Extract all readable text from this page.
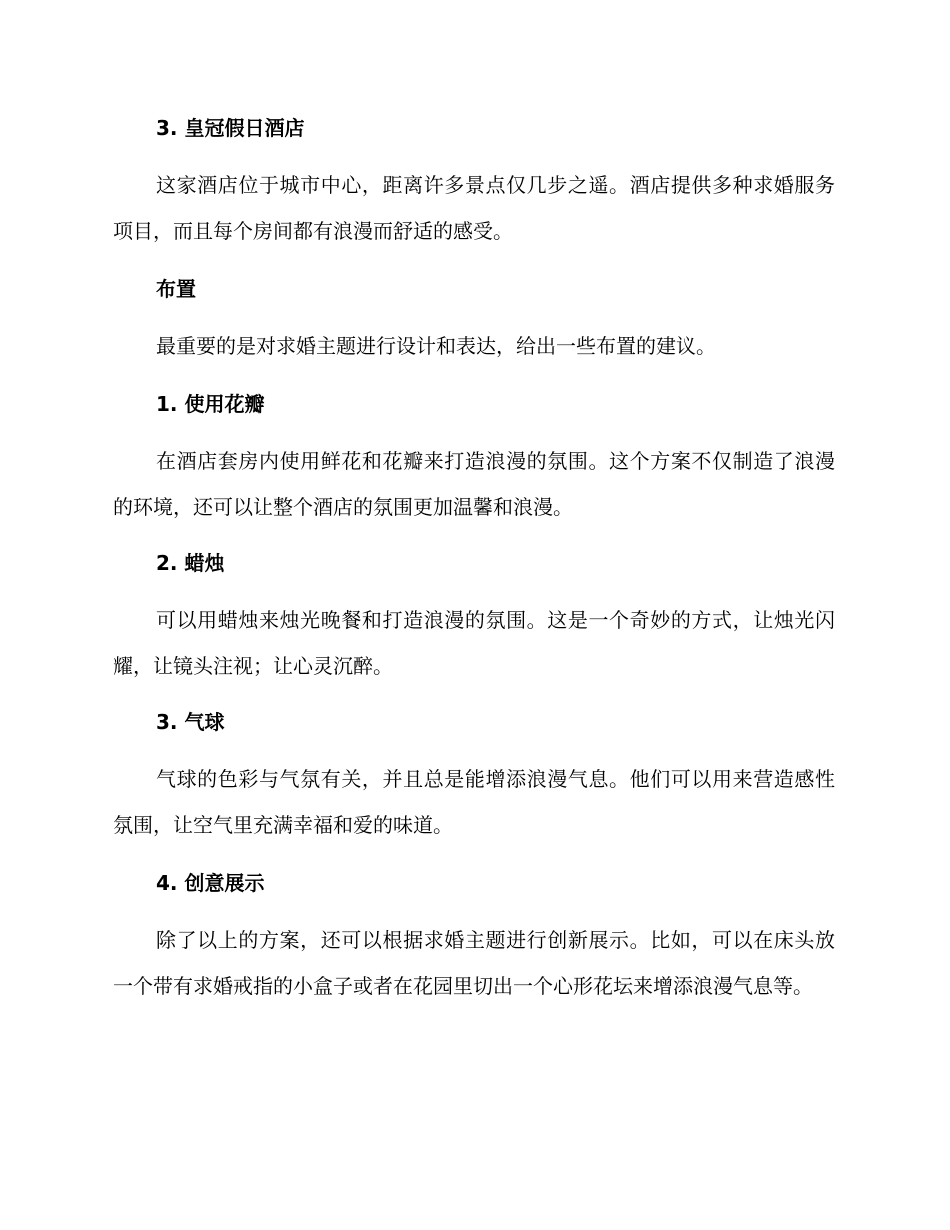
3. 皇冠假日酒店
这家酒店位于城市中心，距离许多景点仅几步之遥。酒店提供多种求婚服务项目，而且每个房间都有浪漫而舒适的感受。
布置
最重要的是对求婚主题进行设计和表达，给出一些布置的建议。
1. 使用花瓣
在酒店套房内使用鲜花和花瓣来打造浪漫的氛围。这个方案不仅制造了浪漫的环境，还可以让整个酒店的氛围更加温馨和浪漫。
2. 蜡烛
可以用蜡烛来烛光晚餐和打造浪漫的氛围。这是一个奇妙的方式，让烛光闪耀，让镜头注视；让心灵沉醉。
3. 气球
气球的色彩与气氛有关，并且总是能增添浪漫气息。他们可以用来营造感性氛围，让空气里充满幸福和爱的味道。
4. 创意展示
除了以上的方案，还可以根据求婚主题进行创新展示。比如，可以在床头放一个带有求婚戒指的小盒子或者在花园里切出一个心形花坛来增添浪漫气息等。
